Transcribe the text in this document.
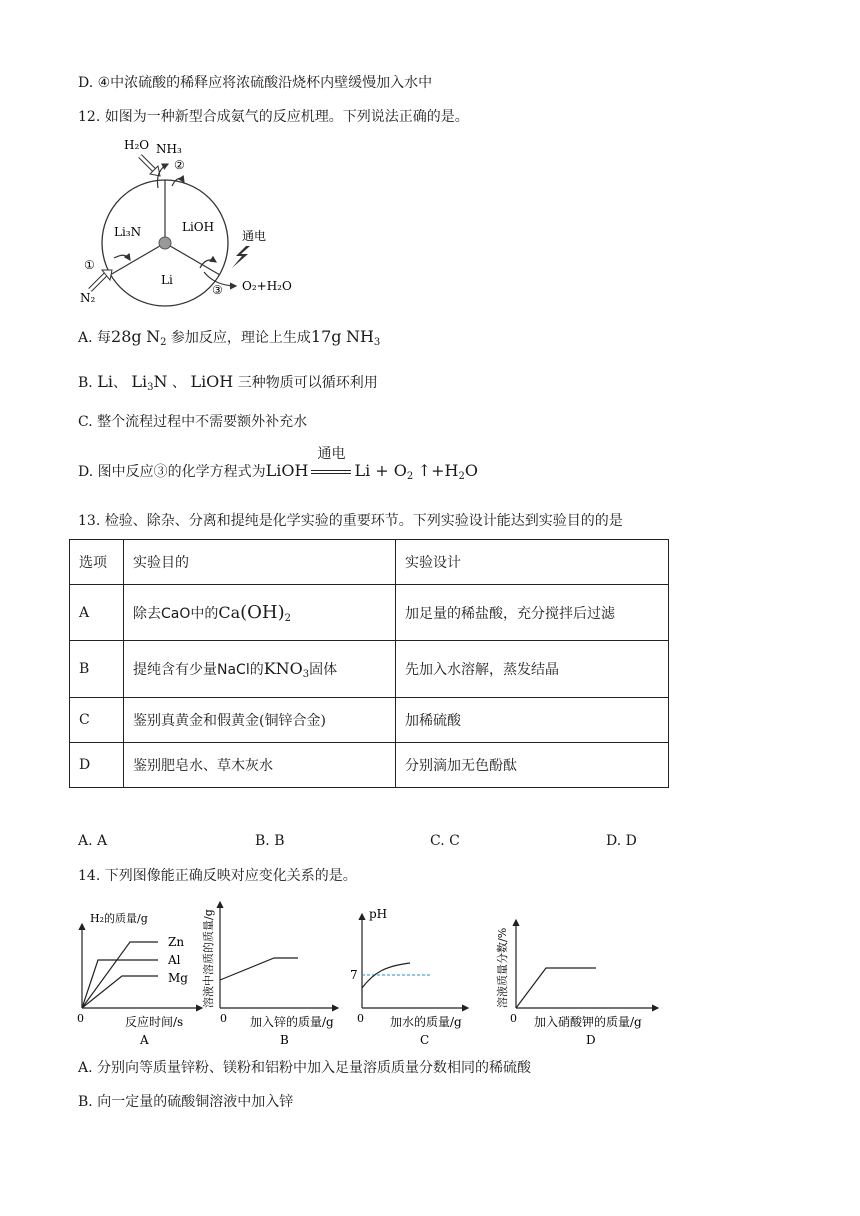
D. ④中浓硫酸的稀释应将浓硫酸沿烧杯内壁缓慢加入水中
12. 如图为一种新型合成氨气的反应机理。下列说法正确的是。
H₂O NH₃
②
Li₃N	LiOH
Li
通电
①
N₂
③ O₂+H₂O
A. 每28g $N_2$ 参加反应，理论上生成17g $NH_3$
B. Li、 $Li_3N$ 、 LiOH 三种物质可以循环利用
C. 整个流程过程中不需要额外补充水
D. 图中反应③的化学方程式为LiOH
通电
$Li + O_2$ $↑+H_2O$
13. 检验、除杂、分离和提纯是化学实验的重要环节。下列实验设计能达到实验目的的是
选项	实验目的	实验设计
A	除去CaO中的$Ca(OH)_2$	加足量的稀盐酸，充分搅拌后过滤
B	提纯含有少量NaCl的$KNO_3$固体	先加入水溶解，蒸发结晶
C	鉴别真黄金和假黄金(铜锌合金)	加稀硫酸
D	鉴别肥皂水、草木灰水	分别滴加无色酚酞
A. A	B. B	C. C	D. D
14. 下列图像能正确反映对应变化关系的是。
H₂的质量/g
Zn
Al
Mg
0	反应时间/s
A
溶液中溶质的质量/g
0 加入锌的质量/g
B
pH
7
0 加水的质量/g
C
溶液质量分数/%
0 加入硝酸钾的质量/g
D
A. 分别向等质量锌粉、镁粉和铝粉中加入足量溶质质量分数相同的稀硫酸
B. 向一定量的硫酸铜溶液中加入锌
